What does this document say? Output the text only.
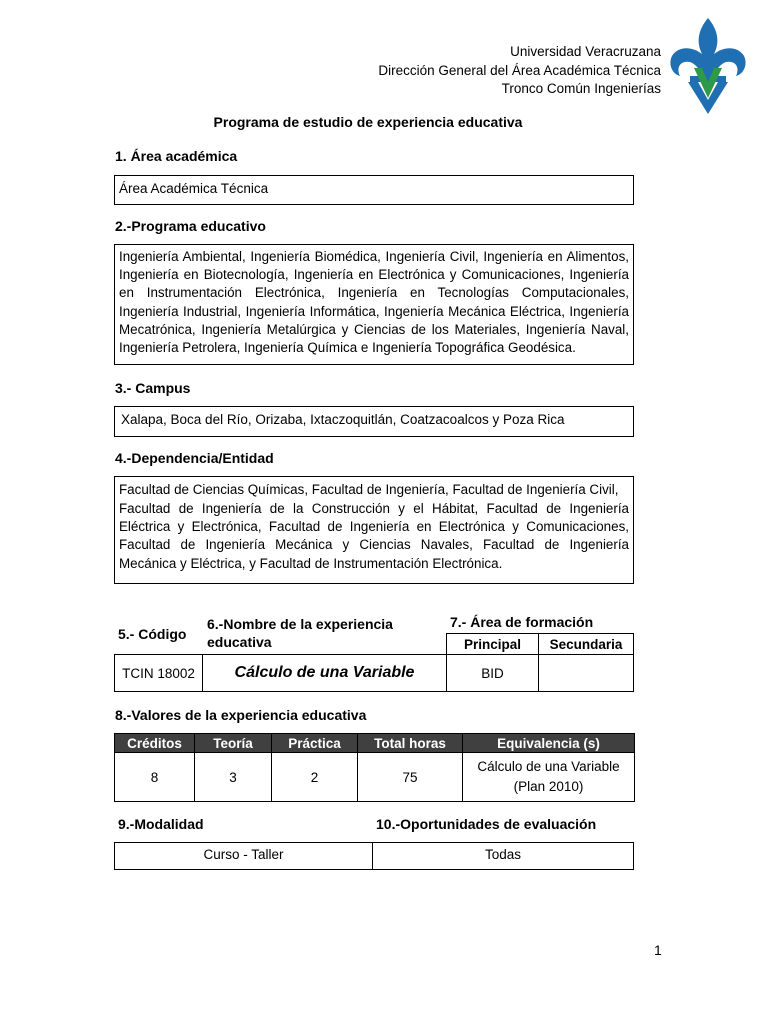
Universidad Veracruzana
Dirección General del Área Académica Técnica
Tronco Común Ingenierías
Programa de estudio de experiencia educativa
1. Área académica
Área Académica Técnica
2.-Programa educativo
Ingeniería Ambiental, Ingeniería Biomédica, Ingeniería Civil, Ingeniería en Alimentos, Ingeniería en Biotecnología, Ingeniería en Electrónica y Comunicaciones, Ingeniería en Instrumentación Electrónica, Ingeniería en Tecnologías Computacionales, Ingeniería Industrial, Ingeniería Informática, Ingeniería Mecánica Eléctrica, Ingeniería Mecatrónica, Ingeniería Metalúrgica y Ciencias de los Materiales, Ingeniería Naval, Ingeniería Petrolera, Ingeniería Química e Ingeniería Topográfica Geodésica.
3.- Campus
Xalapa, Boca del Río, Orizaba, Ixtaczoquitlán, Coatzacoalcos y Poza Rica
4.-Dependencia/Entidad
Facultad de Ciencias Químicas, Facultad de Ingeniería, Facultad de Ingeniería Civil,
Facultad de Ingeniería de la Construcción y el Hábitat, Facultad de Ingeniería Eléctrica y Electrónica, Facultad de Ingeniería en Electrónica y Comunicaciones, Facultad de Ingeniería Mecánica y Ciencias Navales, Facultad de Ingeniería Mecánica y Eléctrica, y Facultad de Instrumentación Electrónica.
5.- Código
6.-Nombre de la experiencia
educativa
7.- Área de formación
Principal	Secundaria
TCIN 18002	Cálculo de una Variable	BID
8.-Valores de la experiencia educativa
Créditos	Teoría	Práctica	Total horas	Equivalencia (s)
8	3	2	75	Cálculo de una Variable
(Plan 2010)
9.-Modalidad	10.-Oportunidades de evaluación
Curso - Taller	Todas
1
